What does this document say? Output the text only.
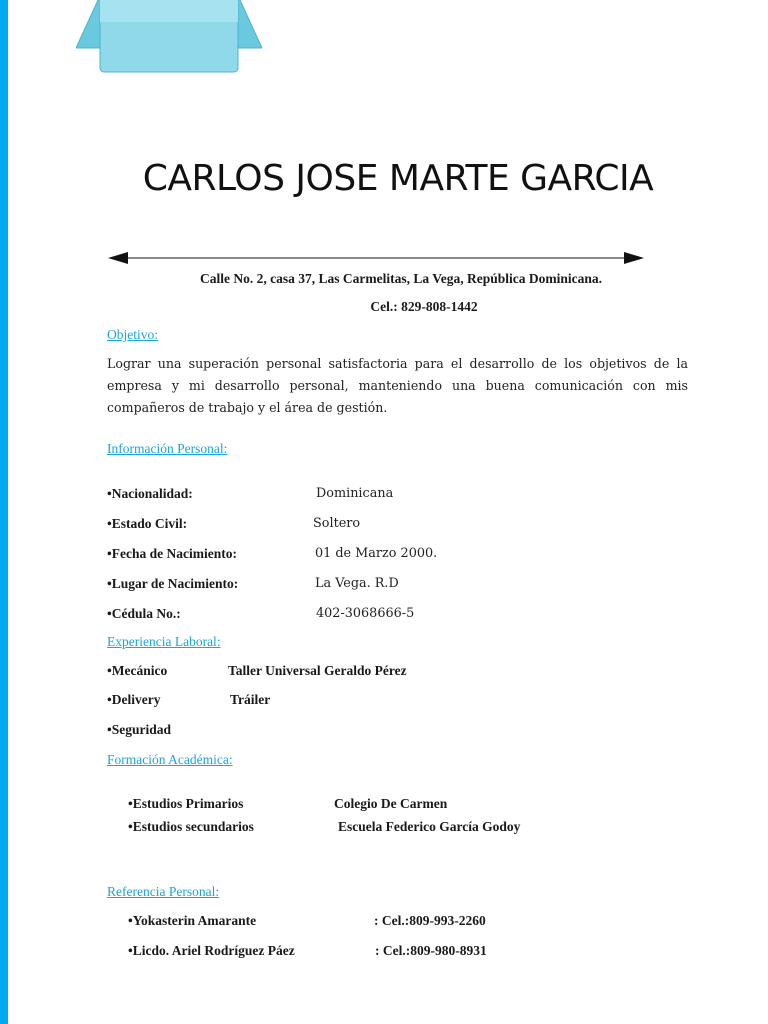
CARLOS JOSE MARTE GARCIA
Calle No. 2, casa 37, Las Carmelitas, La Vega, República Dominicana.
Cel.: 829-808-1442
Objetivo:
Lograr una superación personal satisfactoria para el desarrollo de los objetivos de la empresa y mi desarrollo personal, manteniendo una buena comunicación con mis compañeros de trabajo y el área de gestión.
Información Personal:
•Nacionalidad:	Dominicana
•Estado Civil:	Soltero
•Fecha de Nacimiento:	01 de Marzo 2000.
•Lugar de Nacimiento:	La Vega. R.D
•Cédula No.:	402-3068666-5
Experiencia Laboral:
•Mecánico	Taller Universal Geraldo Pérez
•Delivery	Tráiler
•Seguridad
Formación Académica:
•Estudios Primarios	Colegio De Carmen
•Estudios secundarios	Escuela Federico García Godoy
Referencia Personal:
•Yokasterin Amarante	: Cel.:809-993-2260
•Licdo. Ariel Rodríguez Páez	: Cel.:809-980-8931
